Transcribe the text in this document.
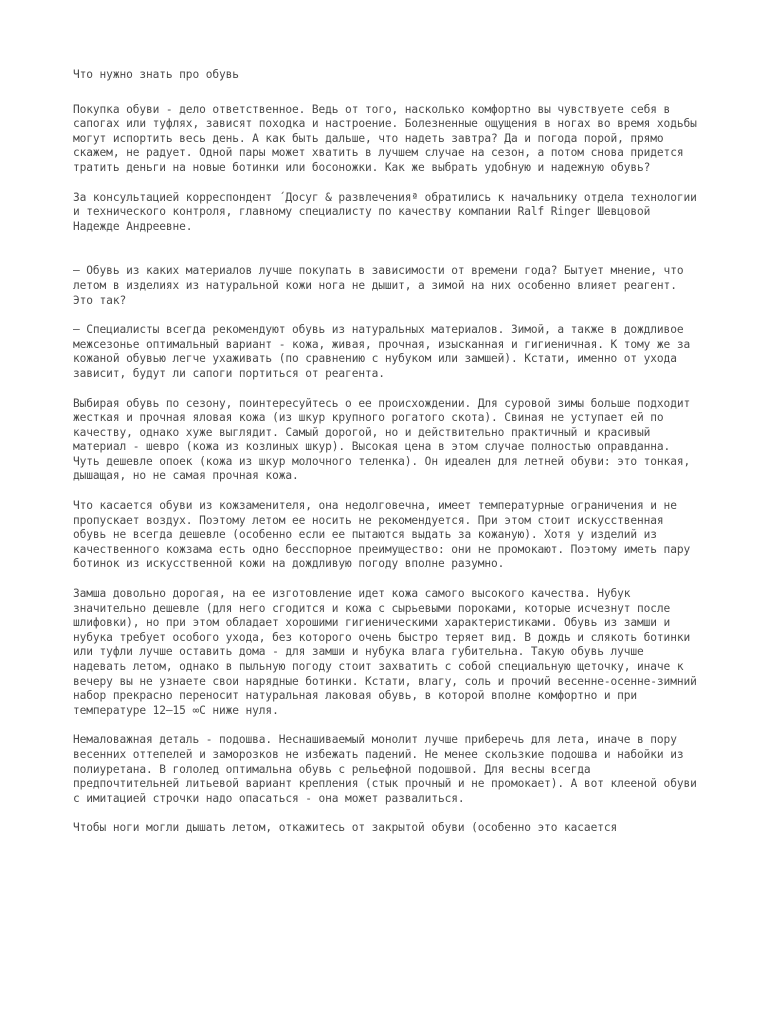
Что нужно знать про обувь

Покупка обуви - дело ответственное. Ведь от того, насколько комфортно вы чувствуете себя в сапогах или туфлях, зависят походка и настроение. Болезненные ощущения в ногах во время ходьбы могут испортить весь день. А как быть дальше, что надеть завтра? Да и погода порой, прямо скажем, не радует. Одной пары может хватить в лучшем случае на сезон, а потом снова придется тратить деньги на новые ботинки или босоножки. Как же выбрать удобную и надежную обувь?

За консультацией корреспондент ´Досуг & развлеченияª обратились к начальнику отдела технологии и технического контроля, главному специалисту по качеству компании Ralf Ringer Шевцовой Надежде Андреевне.

— Обувь из каких материалов лучше покупать в зависимости от времени года? Бытует мнение, что летом в изделиях из натуральной кожи нога не дышит, а зимой на них особенно влияет реагент. Это так?

— Специалисты всегда рекомендуют обувь из натуральных материалов. Зимой, а также в дождливое межсезонье оптимальный вариант - кожа, живая, прочная, изысканная и гигиеничная. К тому же за кожаной обувью легче ухаживать (по сравнению с нубуком или замшей). Кстати, именно от ухода зависит, будут ли сапоги портиться от реагента.

Выбирая обувь по сезону, поинтересуйтесь о ее происхождении. Для суровой зимы больше подходит жесткая и прочная яловая кожа (из шкур крупного рогатого скота). Свиная не уступает ей по качеству, однако хуже выглядит. Самый дорогой, но и действительно практичный и красивый материал - шевро (кожа из козлиных шкур). Высокая цена в этом случае полностью оправданна. Чуть дешевле опоек (кожа из шкур молочного теленка). Он идеален для летней обуви: это тонкая, дышащая, но не самая прочная кожа.

Что касается обуви из кожзаменителя, она недолговечна, имеет температурные ограничения и не пропускает воздух. Поэтому летом ее носить не рекомендуется. При этом стоит искусственная обувь не всегда дешевле (особенно если ее пытаются выдать за кожаную). Хотя у изделий из качественного кожзама есть одно бесспорное преимущество: они не промокают. Поэтому иметь пару ботинок из искусственной кожи на дождливую погоду вполне разумно.

Замша довольно дорогая, на ее изготовление идет кожа самого высокого качества. Нубук значительно дешевле (для него сгодится и кожа с сырьевыми пороками, которые исчезнут после шлифовки), но при этом обладает хорошими гигиеническими характеристиками. Обувь из замши и нубука требует особого ухода, без которого очень быстро теряет вид. В дождь и слякоть ботинки или туфли лучше оставить дома - для замши и нубука влага губительна. Такую обувь лучше надевать летом, однако в пыльную погоду стоит захватить с собой специальную щеточку, иначе к вечеру вы не узнаете свои нарядные ботинки. Кстати, влагу, соль и прочий весенне-осенне-зимний набор прекрасно переносит натуральная лаковая обувь, в которой вполне комфортно и при температуре 12—15 ∞С ниже нуля.

Немаловажная деталь - подошва. Неснашиваемый монолит лучше приберечь для лета, иначе в пору весенних оттепелей и заморозков не избежать падений. Не менее скользкие подошва и набойки из полиуретана. В гололед оптимальна обувь с рельефной подошвой. Для весны всегда предпочтительней литьевой вариант крепления (стык прочный и не промокает). А вот клееной обуви с имитацией строчки надо опасаться - она может развалиться.

Чтобы ноги могли дышать летом, откажитесь от закрытой обуви (особенно это касается
